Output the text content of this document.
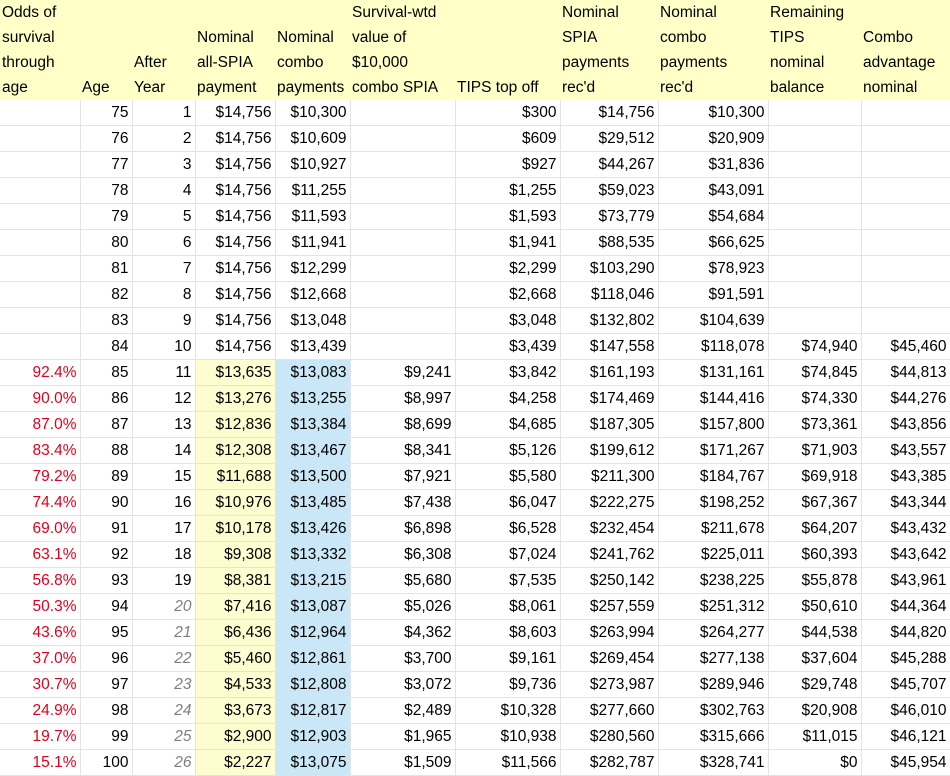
Odds of					Survival-wtd		Nominal	Nominal	Remaining	
survival			Nominal	Nominal	value of		SPIA	combo	TIPS	Combo
through		After	all-SPIA	combo	$10,000		payments	payments	nominal	advantage
age	Age	Year	payment	payments	combo SPIA	TIPS top off	rec'd	rec'd	balance	nominal
	75	1	$14,756	$10,300		$300	$14,756	$10,300		
	76	2	$14,756	$10,609		$609	$29,512	$20,909		
	77	3	$14,756	$10,927		$927	$44,267	$31,836		
	78	4	$14,756	$11,255		$1,255	$59,023	$43,091		
	79	5	$14,756	$11,593		$1,593	$73,779	$54,684		
	80	6	$14,756	$11,941		$1,941	$88,535	$66,625		
	81	7	$14,756	$12,299		$2,299	$103,290	$78,923		
	82	8	$14,756	$12,668		$2,668	$118,046	$91,591		
	83	9	$14,756	$13,048		$3,048	$132,802	$104,639		
	84	10	$14,756	$13,439		$3,439	$147,558	$118,078	$74,940	$45,460
92.4%	85	11	$13,635	$13,083	$9,241	$3,842	$161,193	$131,161	$74,845	$44,813
90.0%	86	12	$13,276	$13,255	$8,997	$4,258	$174,469	$144,416	$74,330	$44,276
87.0%	87	13	$12,836	$13,384	$8,699	$4,685	$187,305	$157,800	$73,361	$43,856
83.4%	88	14	$12,308	$13,467	$8,341	$5,126	$199,612	$171,267	$71,903	$43,557
79.2%	89	15	$11,688	$13,500	$7,921	$5,580	$211,300	$184,767	$69,918	$43,385
74.4%	90	16	$10,976	$13,485	$7,438	$6,047	$222,275	$198,252	$67,367	$43,344
69.0%	91	17	$10,178	$13,426	$6,898	$6,528	$232,454	$211,678	$64,207	$43,432
63.1%	92	18	$9,308	$13,332	$6,308	$7,024	$241,762	$225,011	$60,393	$43,642
56.8%	93	19	$8,381	$13,215	$5,680	$7,535	$250,142	$238,225	$55,878	$43,961
50.3%	94	20	$7,416	$13,087	$5,026	$8,061	$257,559	$251,312	$50,610	$44,364
43.6%	95	21	$6,436	$12,964	$4,362	$8,603	$263,994	$264,277	$44,538	$44,820
37.0%	96	22	$5,460	$12,861	$3,700	$9,161	$269,454	$277,138	$37,604	$45,288
30.7%	97	23	$4,533	$12,808	$3,072	$9,736	$273,987	$289,946	$29,748	$45,707
24.9%	98	24	$3,673	$12,817	$2,489	$10,328	$277,660	$302,763	$20,908	$46,010
19.7%	99	25	$2,900	$12,903	$1,965	$10,938	$280,560	$315,666	$11,015	$46,121
15.1%	100	26	$2,227	$13,075	$1,509	$11,566	$282,787	$328,741	$0	$45,954
